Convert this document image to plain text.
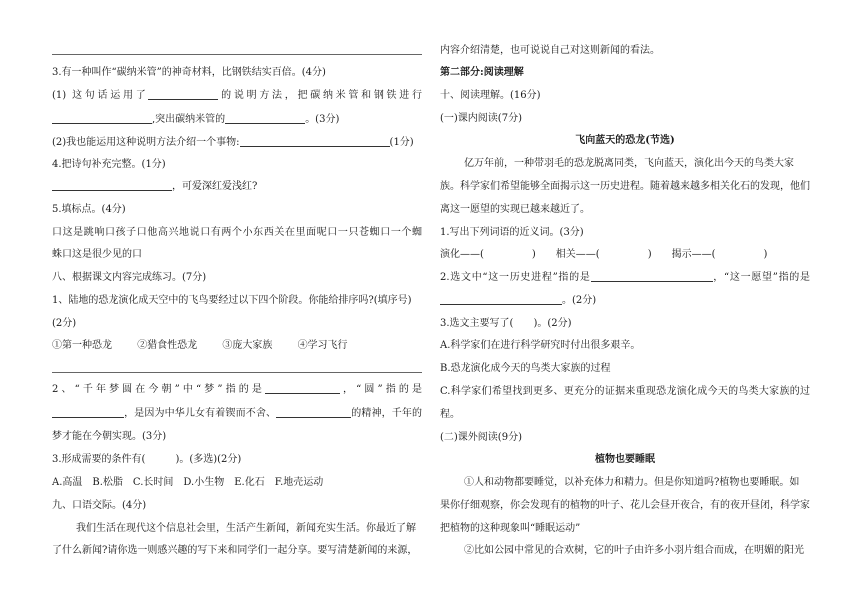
3.有一种叫作“碳纳米管”的神奇材料，比钢铁结实百倍。(4分)
(1) 这句话运用了	的说明方法，把碳纳米管和钢铁进行
,突出碳纳米管的	。(3分)
(2)我也能运用这种说明方法介绍一个事物:	(1分)
4.把诗句补充完整。(1分)
，可爱深红爱浅红?
5.填标点。(4分)
口这是跳响口孩子口他高兴地说口有两个小东西关在里面呢口一只苍蜘口一个蜘
蛛口这是很少见的口
八、根据课文内容完成练习。(7分)
1、陆地的恐龙演化成天空中的飞鸟要经过以下四个阶段。你能给排序吗?(填序号)
(2分)
①第一种恐龙	②猎食性恐龙	③庞大家族	④学习飞行
2、“千年梦圆在今朝”中“梦”指的是	，“圆”指的是
，是因为中华儿女有着锲而不舍、	的精神，千年的
梦才能在今朝实现。(3分)
3.形成需要的条件有(　　　)。(多选)(2分)
A.高温　B.松脂　C.长时间　D.小生物　E.化石　F.地壳运动
九、口语交际。(4分)
我们生活在现代这个信息社会里，生活产生新闻，新闻充实生活。你最近了解
了什么新闻?请你选一则感兴趣的写下来和同学们一起分享。要写清楚新闻的来源，
内容介绍清楚，也可说说自己对这则新闻的看法。
第二部分:阅读理解
十、阅读理解。(16分)
(一)课内阅读(7分)
飞向蓝天的恐龙(节选)
亿万年前，一种带羽毛的恐龙脱离同类，飞向蓝天，演化出今天的鸟类大家
族。科学家们希望能够全面揭示这一历史进程。随着越来越多相关化石的发现，他们
离这一愿望的实现已越来越近了。
1.写出下列词语的近义词。(3分)
演化——(	)　　相关——(	)　　揭示——(	)
2.选文中“这一历史进程”指的是	，“这一愿望”指的是
。(2分)
3.选文主要写了(　　)。(2分)
A.科学家们在进行科学研究时付出很多艰辛。
B.恐龙演化成今天的鸟类大家族的过程
C.科学家们希望找到更多、更充分的证据来重现恐龙演化成今天的鸟类大家族的过
程。
(二)课外阅读(9分)
植物也要睡眠
①人和动物都要睡觉，以补充体力和精力。但是你知道吗?植物也要睡眠。如
果你仔细观察，你会发现有的植物的叶子、花儿会昼开夜合，有的夜开昼闭，科学家
把植物的这种现象叫“睡眠运动”
②比如公园中常见的合欢树，它的叶子由许多小羽片组合而成，在明媚的阳光
